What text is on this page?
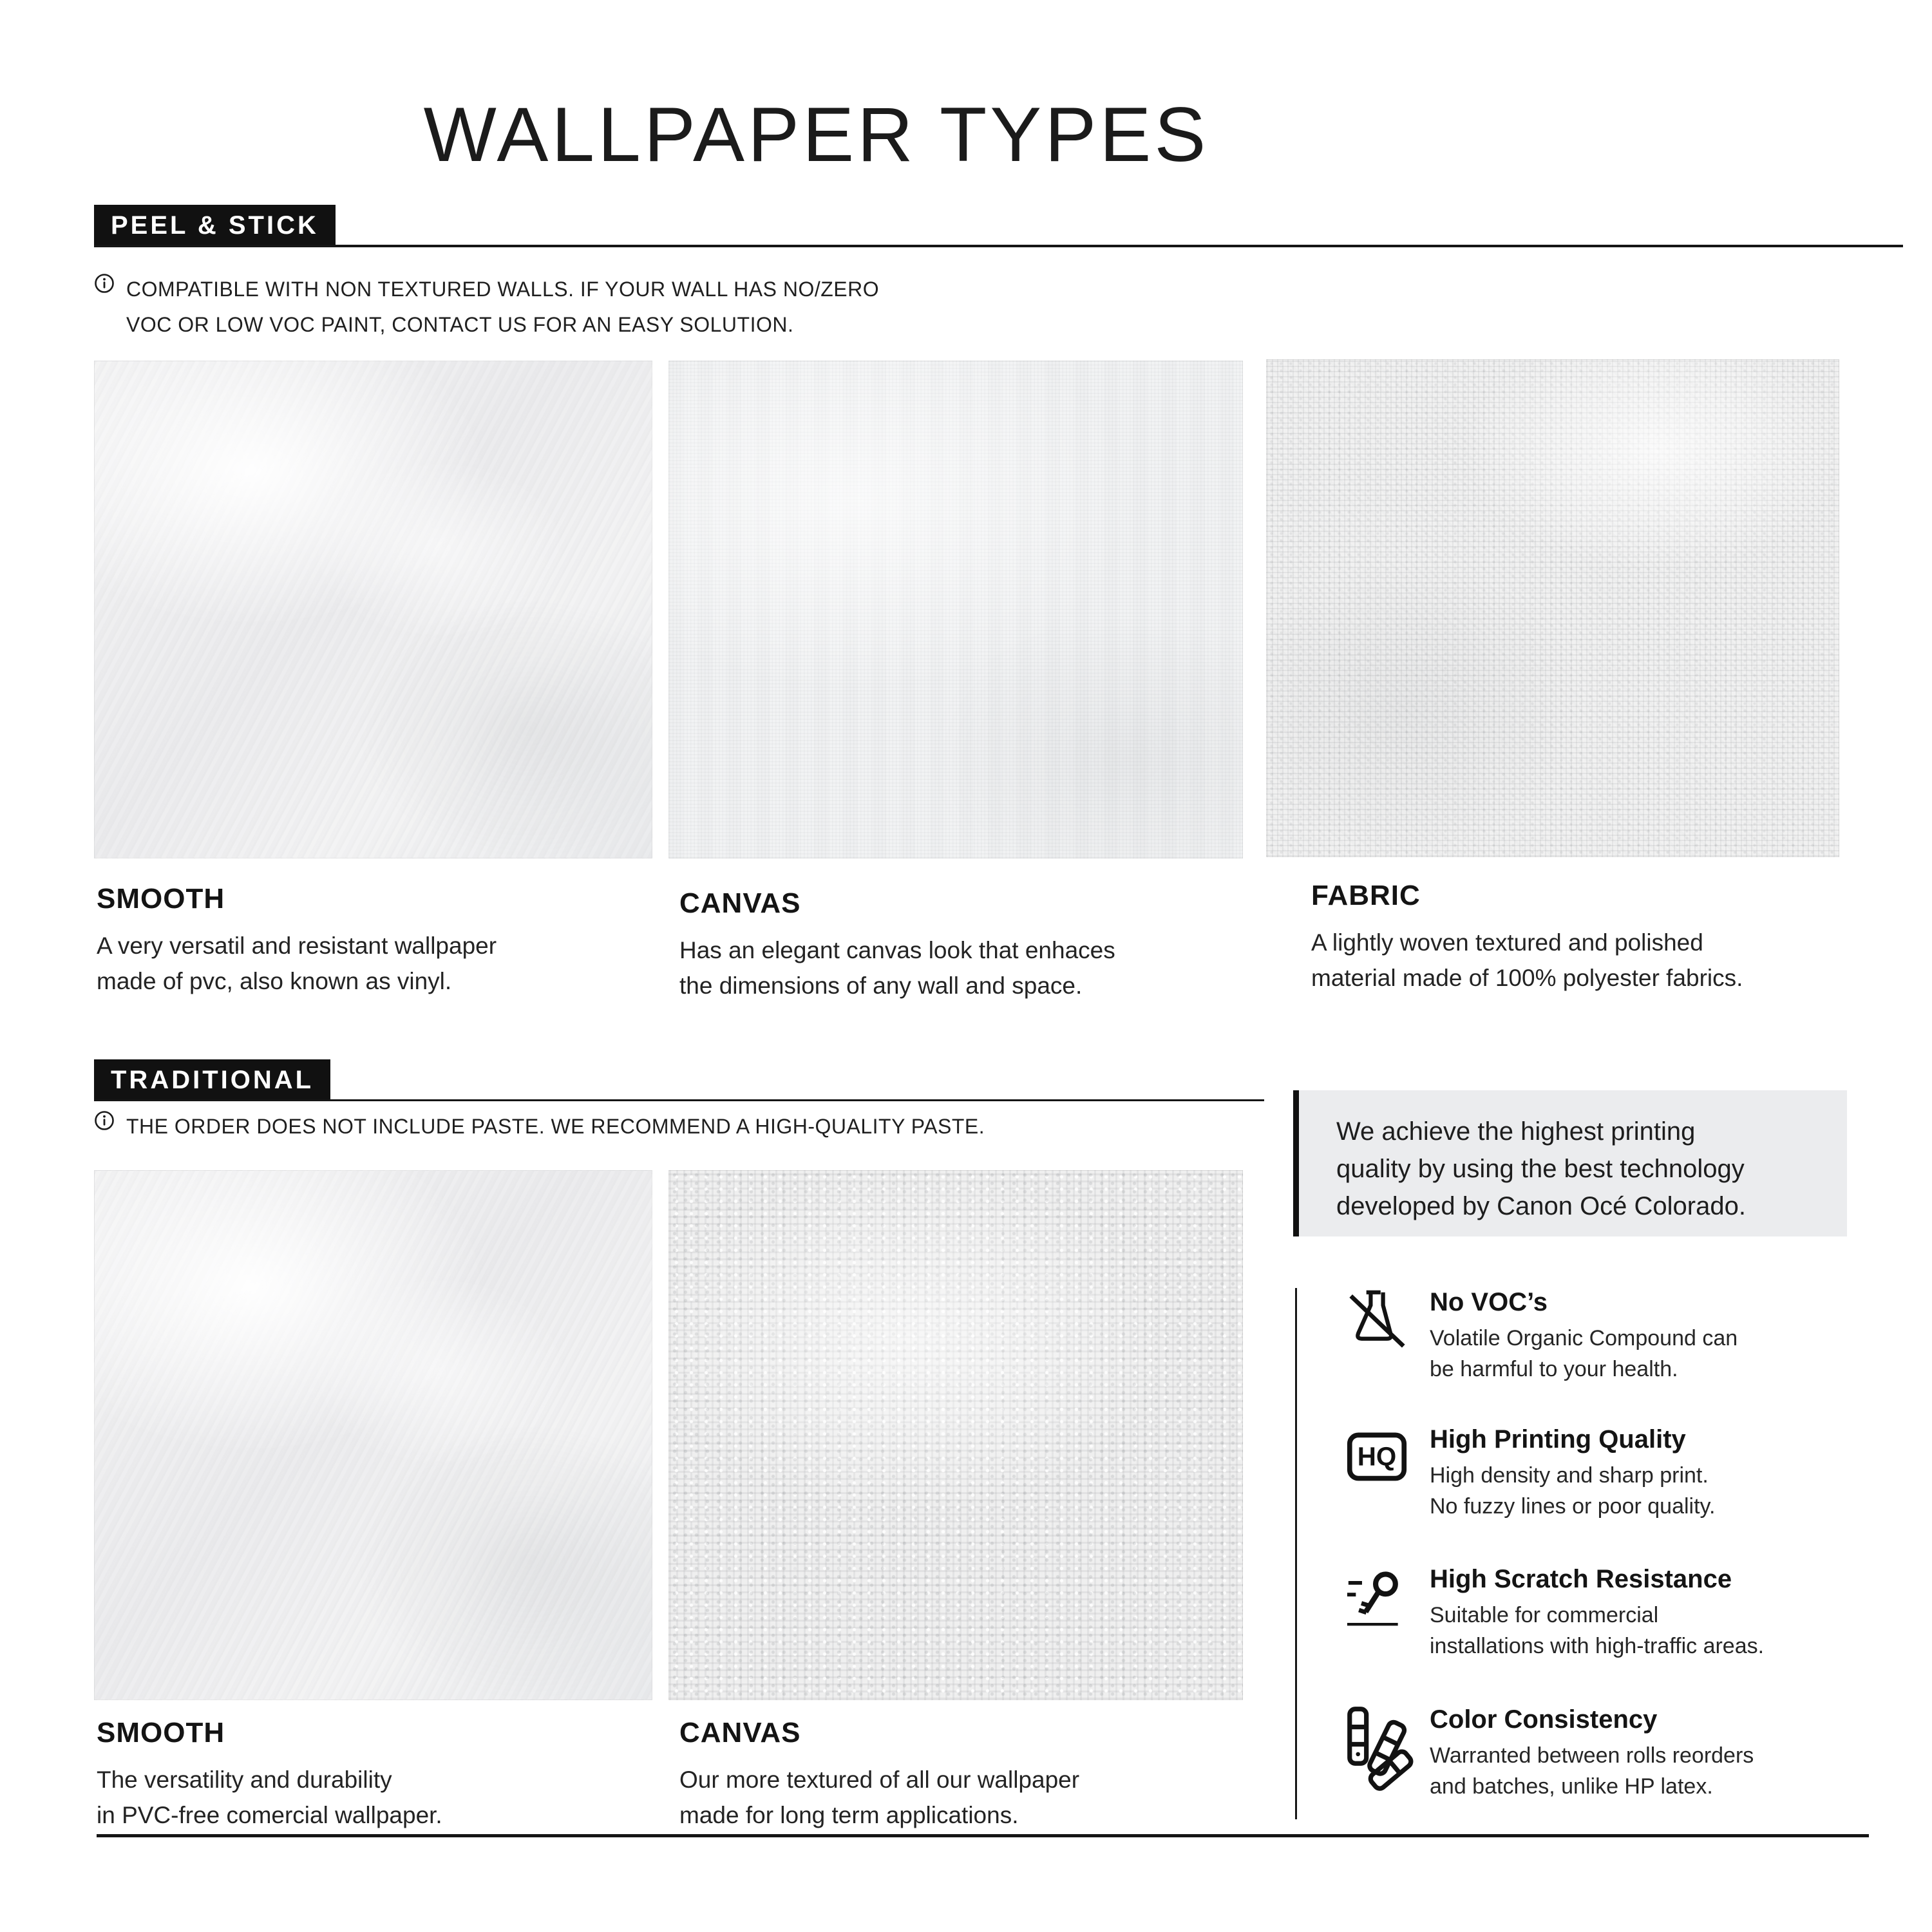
WALLPAPER TYPES
PEEL & STICK
COMPATIBLE WITH NON TEXTURED WALLS. IF YOUR WALL HAS NO/ZERO
VOC OR LOW VOC PAINT, CONTACT US FOR AN EASY SOLUTION.
SMOOTH

A very versatil and resistant wallpaper
made of pvc, also known as vinyl.

CANVAS

Has an elegant canvas look that enhaces
the dimensions of any wall and space.

FABRIC

A lightly woven textured and polished
material made of 100% polyester fabrics.

TRADITIONAL
THE ORDER DOES NOT INCLUDE PASTE. WE RECOMMEND A HIGH-QUALITY PASTE.
SMOOTH

The versatility and durability
in PVC-free comercial wallpaper.

CANVAS

Our more textured of all our wallpaper
made for long term applications.

We achieve the highest printing
quality by using the best technology
developed by Canon Océ Colorado.

No VOC’s

Volatile Organic Compound can
be harmful to your health.

HQ
High Printing Quality

High density and sharp print.
No fuzzy lines or poor quality.

High Scratch Resistance

Suitable for commercial
installations with high-traffic areas.

Color Consistency

Warranted between rolls reorders
and batches, unlike HP latex.
